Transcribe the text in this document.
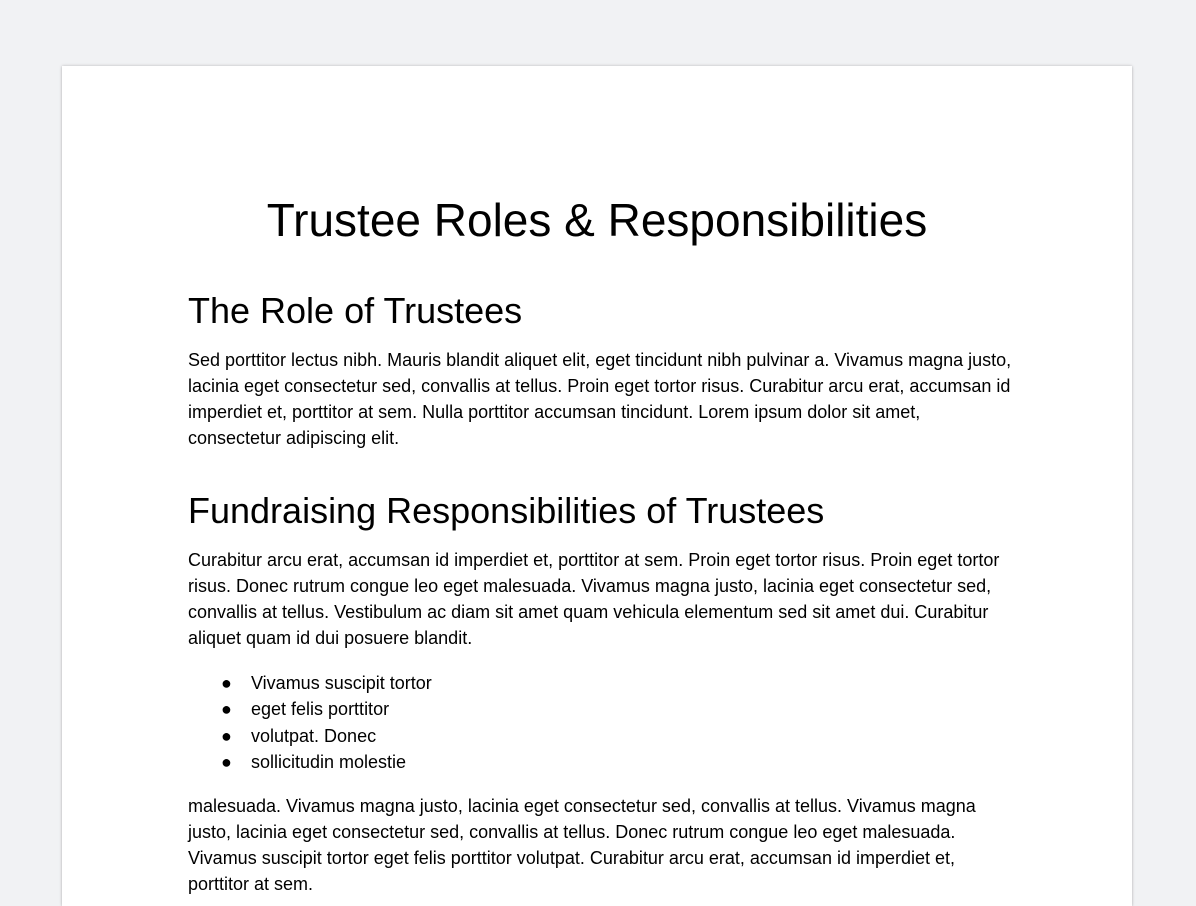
Trustee Roles & Responsibilities
The Role of Trustees

Sed porttitor lectus nibh. Mauris blandit aliquet elit, eget tincidunt nibh pulvinar a. Vivamus magna justo, lacinia eget consectetur sed, convallis at tellus. Proin eget tortor risus. Curabitur arcu erat, accumsan id imperdiet et, porttitor at sem. Nulla porttitor accumsan tincidunt. Lorem ipsum dolor sit amet, consectetur adipiscing elit.

Fundraising Responsibilities of Trustees

Curabitur arcu erat, accumsan id imperdiet et, porttitor at sem. Proin eget tortor risus. Proin eget tortor risus. Donec rutrum congue leo eget malesuada. Vivamus magna justo, lacinia eget consectetur sed, convallis at tellus. Vestibulum ac diam sit amet quam vehicula elementum sed sit amet dui. Curabitur aliquet quam id dui posuere blandit.

● Vivamus suscipit tortor
● eget felis porttitor
● volutpat. Donec
● sollicitudin molestie

malesuada. Vivamus magna justo, lacinia eget consectetur sed, convallis at tellus. Vivamus magna justo, lacinia eget consectetur sed, convallis at tellus. Donec rutrum congue leo eget malesuada. Vivamus suscipit tortor eget felis porttitor volutpat. Curabitur arcu erat, accumsan id imperdiet et, porttitor at sem.
